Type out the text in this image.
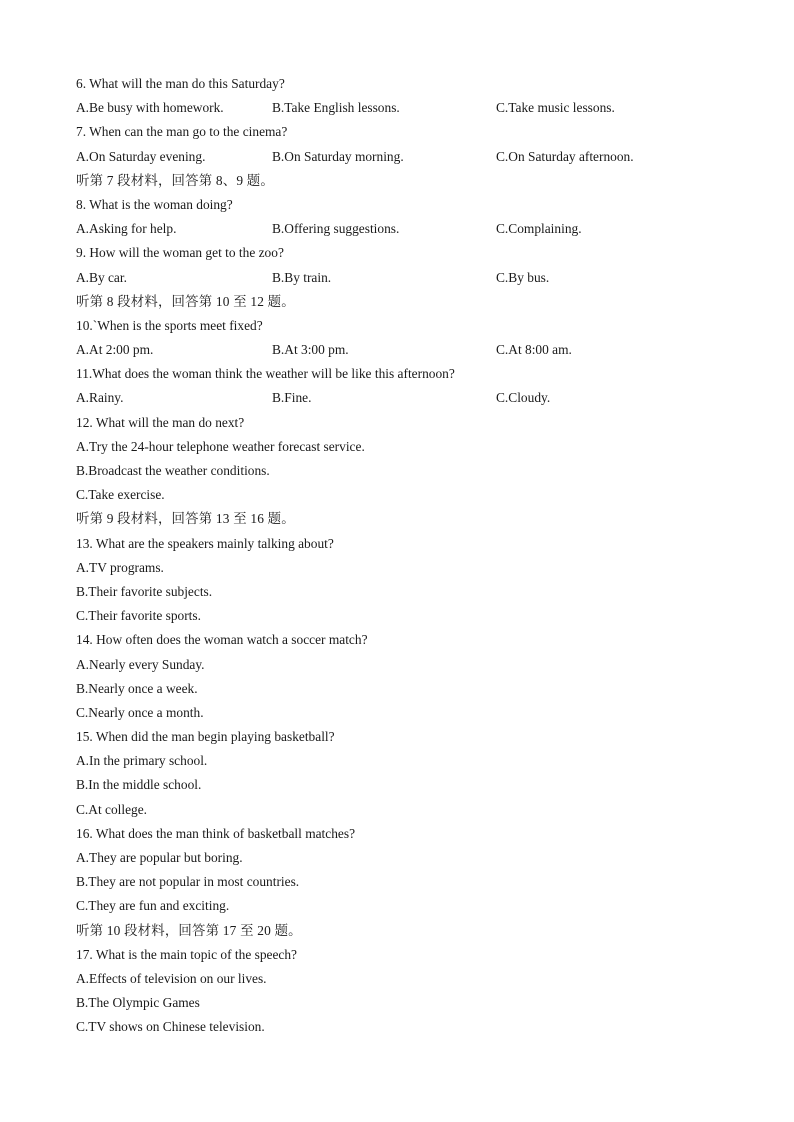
6. What will the man do this Saturday?
A.Be busy with homework.	B.Take English lessons.	C.Take music lessons.
7. When can the man go to the cinema?
A.On Saturday evening.	B.On Saturday morning.	C.On Saturday afternoon.
听第 7 段材料，回答第 8、9 题。
8. What is the woman doing?
A.Asking for help.	B.Offering suggestions.	C.Complaining.
9. How will the woman get to the zoo?
A.By car.	B.By train.	C.By bus.
听第 8 段材料，回答第 10 至 12 题。
10.`When is the sports meet fixed?
A.At 2:00 pm.	B.At 3:00 pm.	C.At 8:00 am.
11.What does the woman think the weather will be like this afternoon?
A.Rainy.	B.Fine.	C.Cloudy.
12. What will the man do next?
A.Try the 24-hour telephone weather forecast service.
B.Broadcast the weather conditions.
C.Take exercise.
听第 9 段材料，回答第 13 至 16 题。
13. What are the speakers mainly talking about?
A.TV programs.
B.Their favorite subjects.
C.Their favorite sports.
14. How often does the woman watch a soccer match?
A.Nearly every Sunday.
B.Nearly once a week.
C.Nearly once a month.
15. When did the man begin playing basketball?
A.In the primary school.
B.In the middle school.
C.At college.
16. What does the man think of basketball matches?
A.They are popular but boring.
B.They are not popular in most countries.
C.They are fun and exciting.
听第 10 段材料，回答第 17 至 20 题。
17. What is the main topic of the speech?
A.Effects of television on our lives.
B.The Olympic Games
C.TV shows on Chinese television.
